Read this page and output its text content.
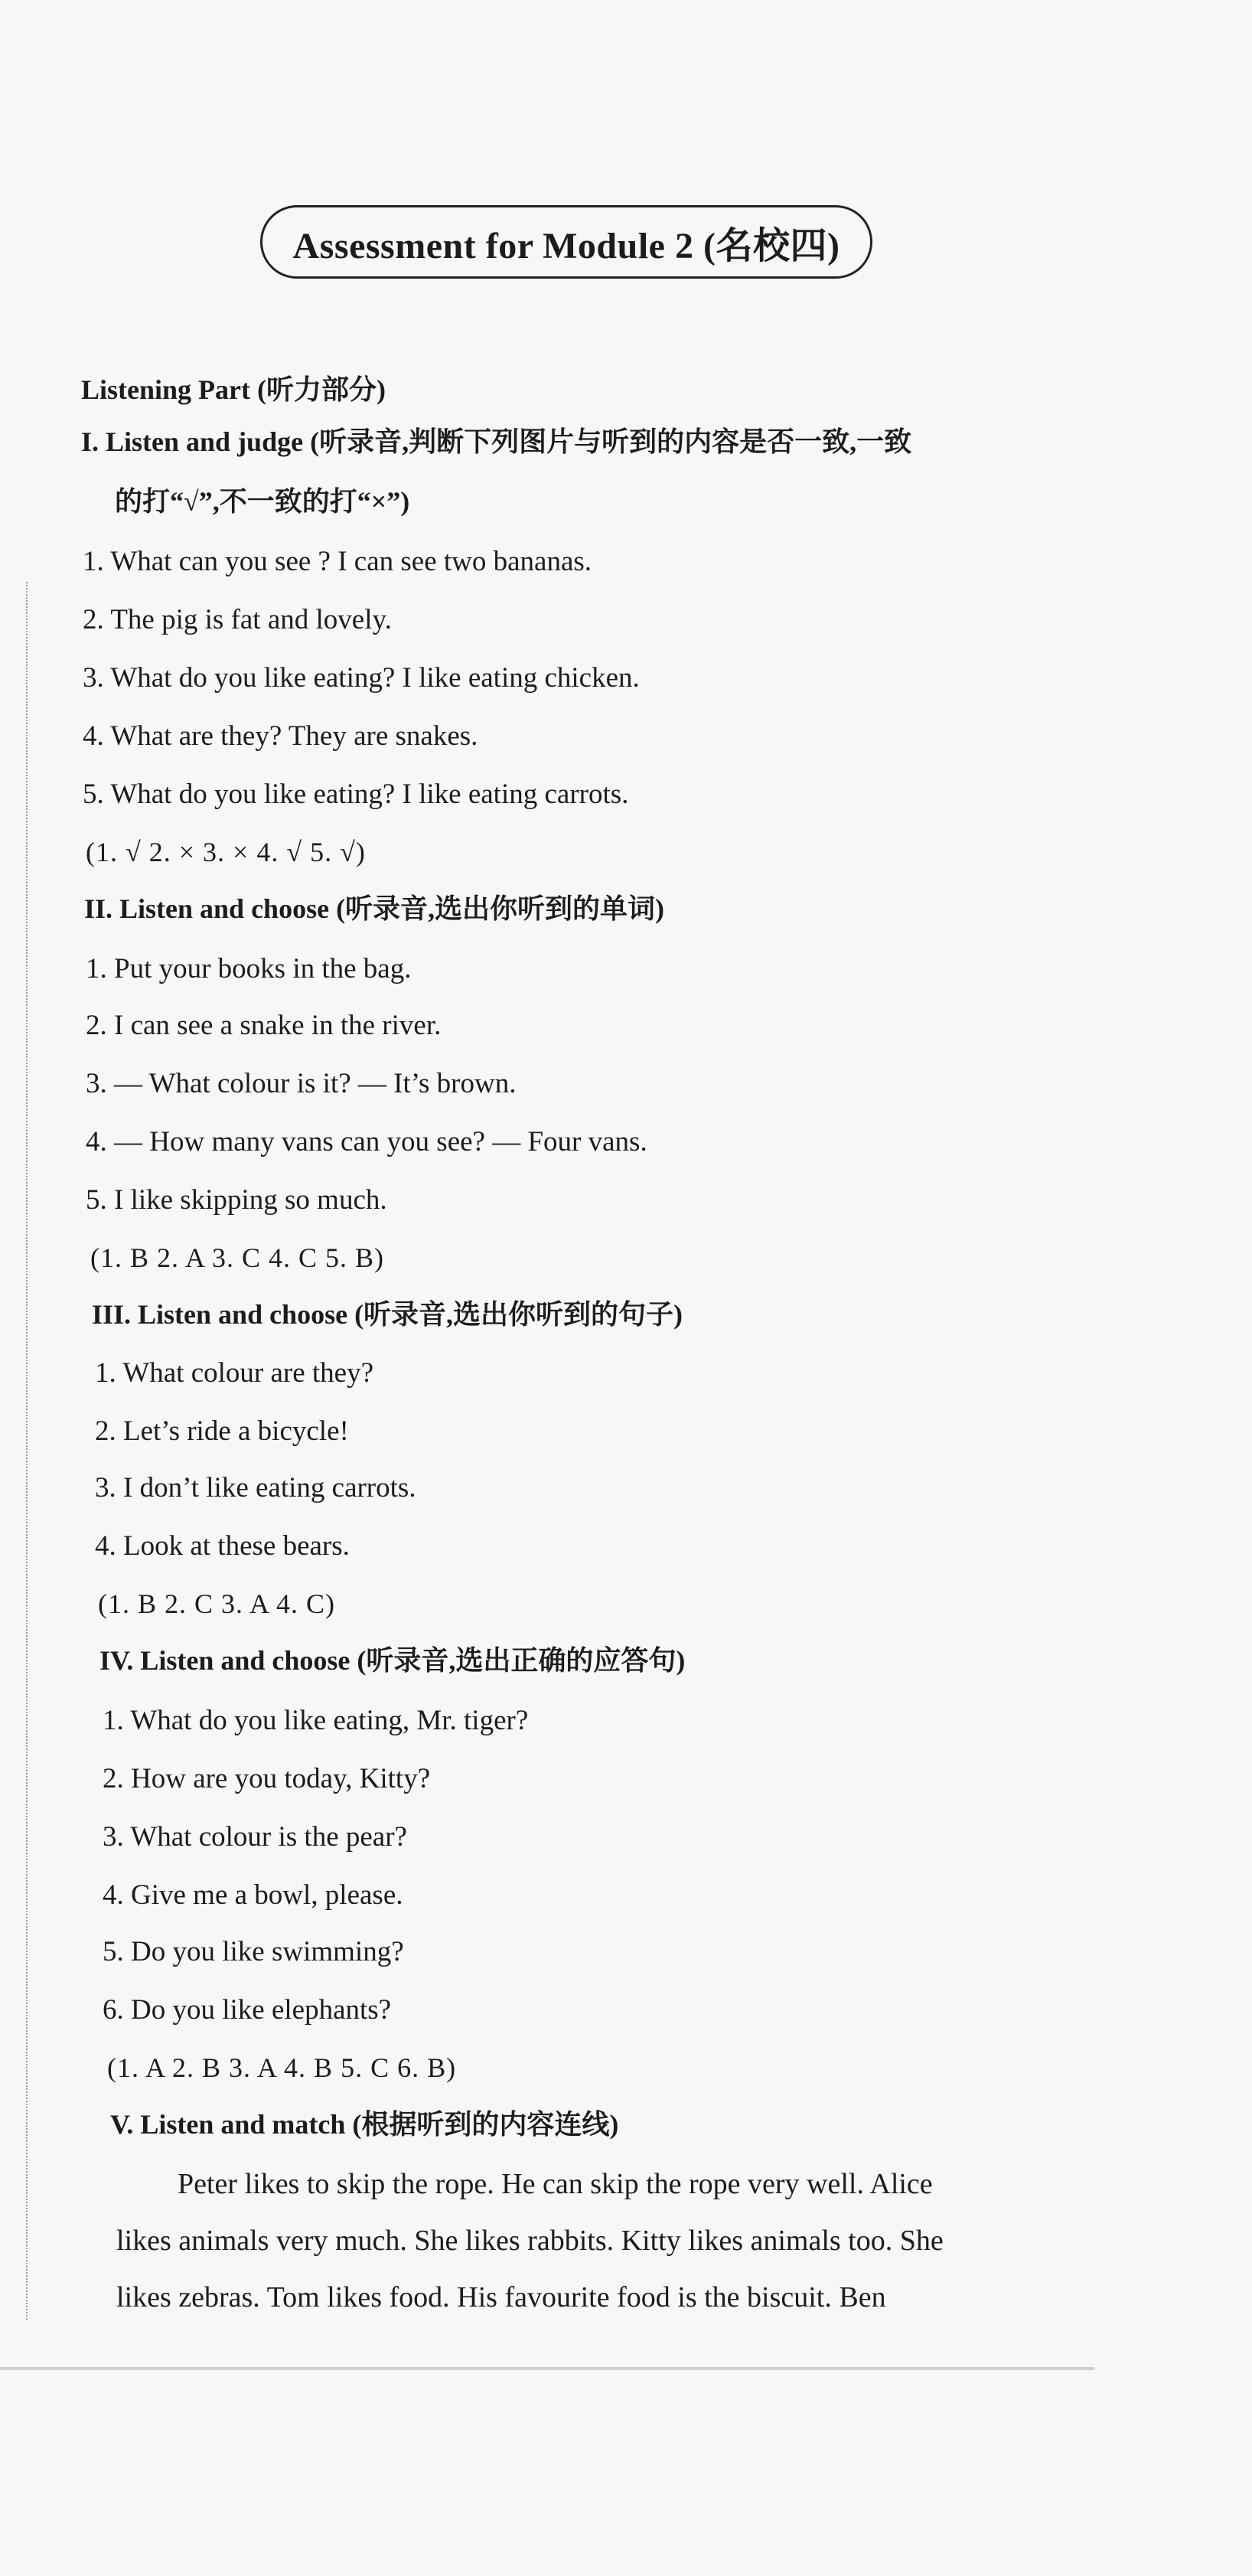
Assessment for Module 2 (名校四)
Listening Part (听力部分)
I. Listen and judge (听录音,判断下列图片与听到的内容是否一致,一致
的打“√”,不一致的打“×”)
1. What can you see ? I can see two bananas.
2. The pig is fat and lovely.
3. What do you like eating? I like eating chicken.
4. What are they? They are snakes.
5. What do you like eating? I like eating carrots.
(1. √ 2. × 3. × 4. √ 5. √)
II. Listen and choose (听录音,选出你听到的单词)
1. Put your books in the bag.
2. I can see a snake in the river.
3. — What colour is it? — It’s brown.
4. — How many vans can you see? — Four vans.
5. I like skipping so much.
(1. B 2. A 3. C 4. C 5. B)
III. Listen and choose (听录音,选出你听到的句子)
1. What colour are they?
2. Let’s ride a bicycle!
3. I don’t like eating carrots.
4. Look at these bears.
(1. B 2. C 3. A 4. C)
IV. Listen and choose (听录音,选出正确的应答句)
1. What do you like eating, Mr. tiger?
2. How are you today, Kitty?
3. What colour is the pear?
4. Give me a bowl, please.
5. Do you like swimming?
6. Do you like elephants?
(1. A 2. B 3. A 4. B 5. C 6. B)
V. Listen and match (根据听到的内容连线)
Peter likes to skip the rope. He can skip the rope very well. Alice
likes animals very much. She likes rabbits. Kitty likes animals too. She
likes zebras. Tom likes food. His favourite food is the biscuit. Ben
